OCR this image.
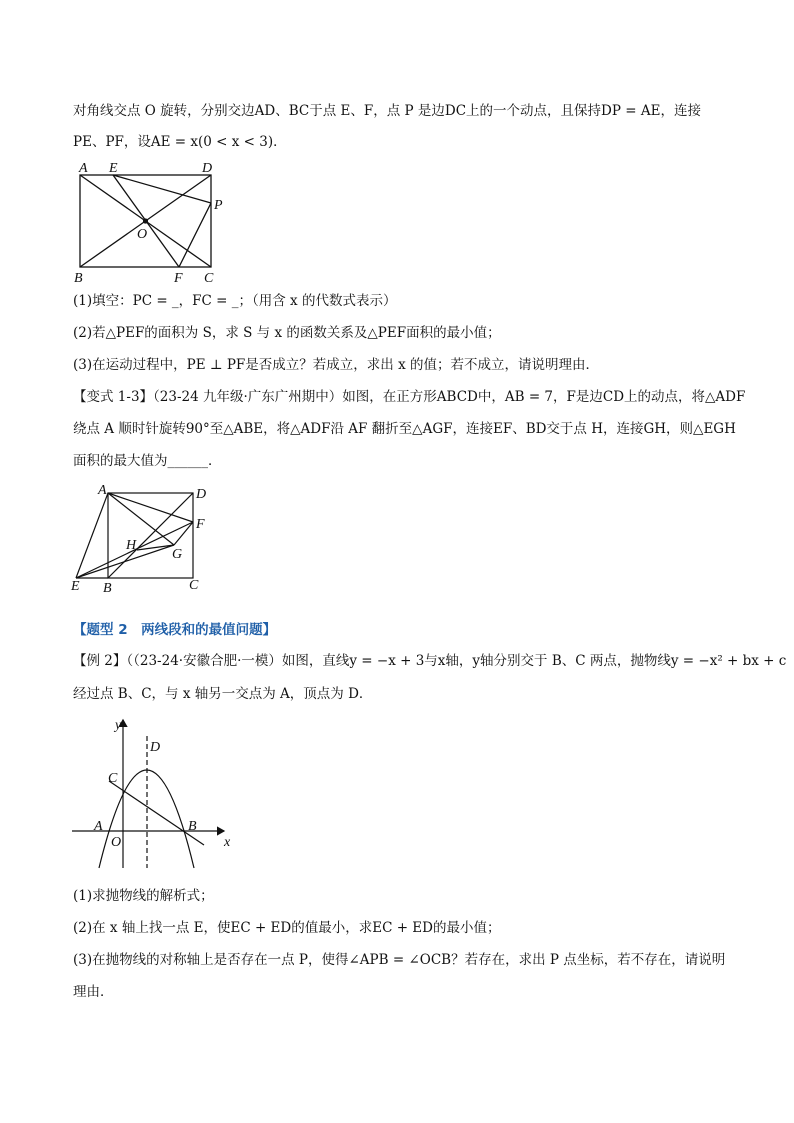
对角线交点 O 旋转，分别交边AD、BC于点 E、F，点 P 是边DC上的一个动点，且保持DP = AE，连接
PE、PF，设AE = x(0 < x < 3)．
A E	D
P
O
B	F C
(1)填空：PC = _，FC = _；（用含 x 的代数式表示）
(2)若△PEF的面积为 S，求 S 与 x 的函数关系及△PEF面积的最小值；
(3)在运动过程中，PE ⊥ PF是否成立？若成立，求出 x 的值；若不成立，请说明理由．
【变式 1-3】（23-24 九年级·广东广州期中）如图，在正方形ABCD中，AB = 7，F是边CD上的动点，将△ADF
绕点 A 顺时针旋转90°至△ABE，将△ADF沿 AF 翻折至△AGF，连接EF、BD交于点 H，连接GH，则△EGH
面积的最大值为______．
A	D
F
H
G
E B	C
【题型 2　两线段和的最值问题】
【例 2】（（23-24·安徽合肥·一模）如图，直线y = −x + 3与x轴，y轴分别交于 B、C 两点，抛物线y = −x² + bx + c
经过点 B、C，与 x 轴另一交点为 A，顶点为 D．
y
x
D
C
A
O
B
(1)求抛物线的解析式；
(2)在 x 轴上找一点 E，使EC + ED的值最小，求EC + ED的最小值；
(3)在抛物线的对称轴上是否存在一点 P，使得∠APB = ∠OCB？若存在，求出 P 点坐标，若不存在，请说明
理由．
